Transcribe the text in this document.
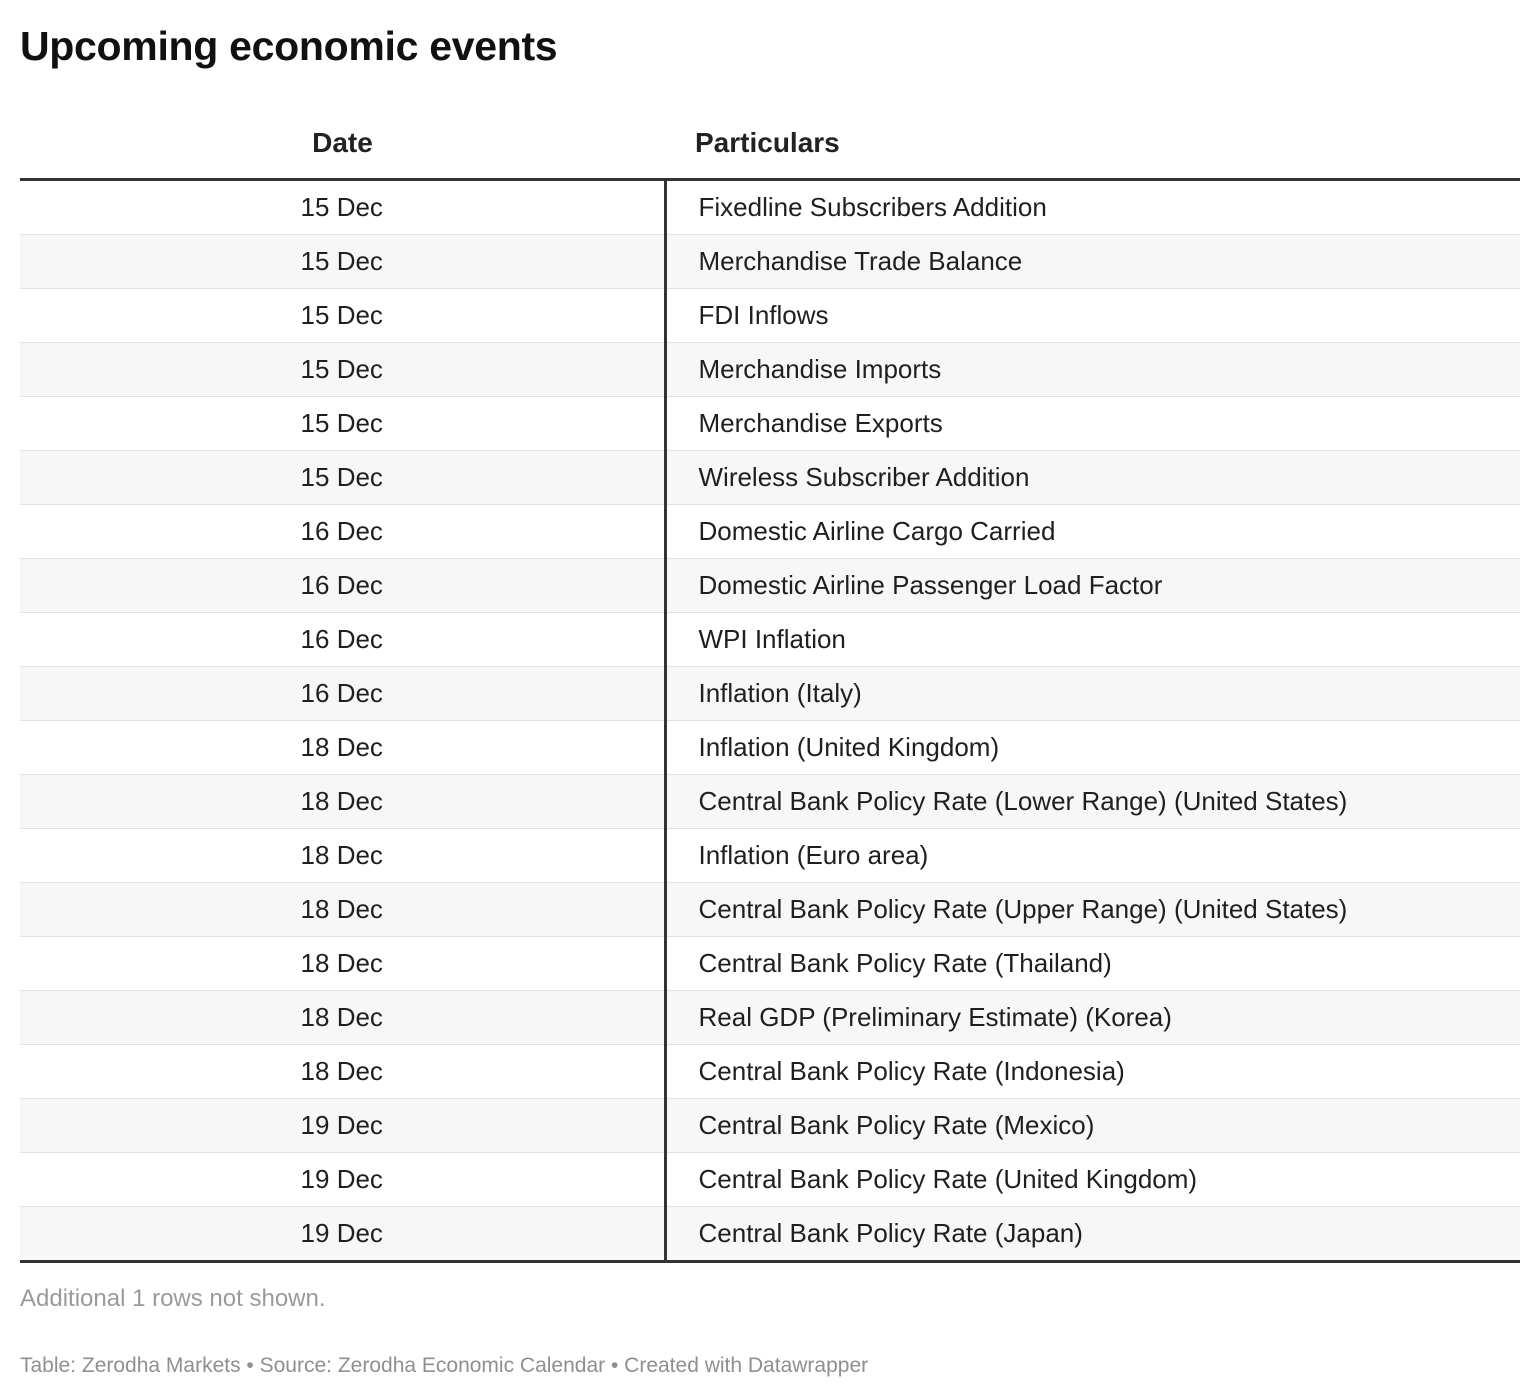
Upcoming economic events
Date	Particulars
15 Dec	Fixedline Subscribers Addition
15 Dec	Merchandise Trade Balance
15 Dec	FDI Inflows
15 Dec	Merchandise Imports
15 Dec	Merchandise Exports
15 Dec	Wireless Subscriber Addition
16 Dec	Domestic Airline Cargo Carried
16 Dec	Domestic Airline Passenger Load Factor
16 Dec	WPI Inflation
16 Dec	Inflation (Italy)
18 Dec	Inflation (United Kingdom)
18 Dec	Central Bank Policy Rate (Lower Range) (United States)
18 Dec	Inflation (Euro area)
18 Dec	Central Bank Policy Rate (Upper Range) (United States)
18 Dec	Central Bank Policy Rate (Thailand)
18 Dec	Real GDP (Preliminary Estimate) (Korea)
18 Dec	Central Bank Policy Rate (Indonesia)
19 Dec	Central Bank Policy Rate (Mexico)
19 Dec	Central Bank Policy Rate (United Kingdom)
19 Dec	Central Bank Policy Rate (Japan)
Additional 1 rows not shown.
Table: Zerodha Markets • Source: Zerodha Economic Calendar • Created with Datawrapper
